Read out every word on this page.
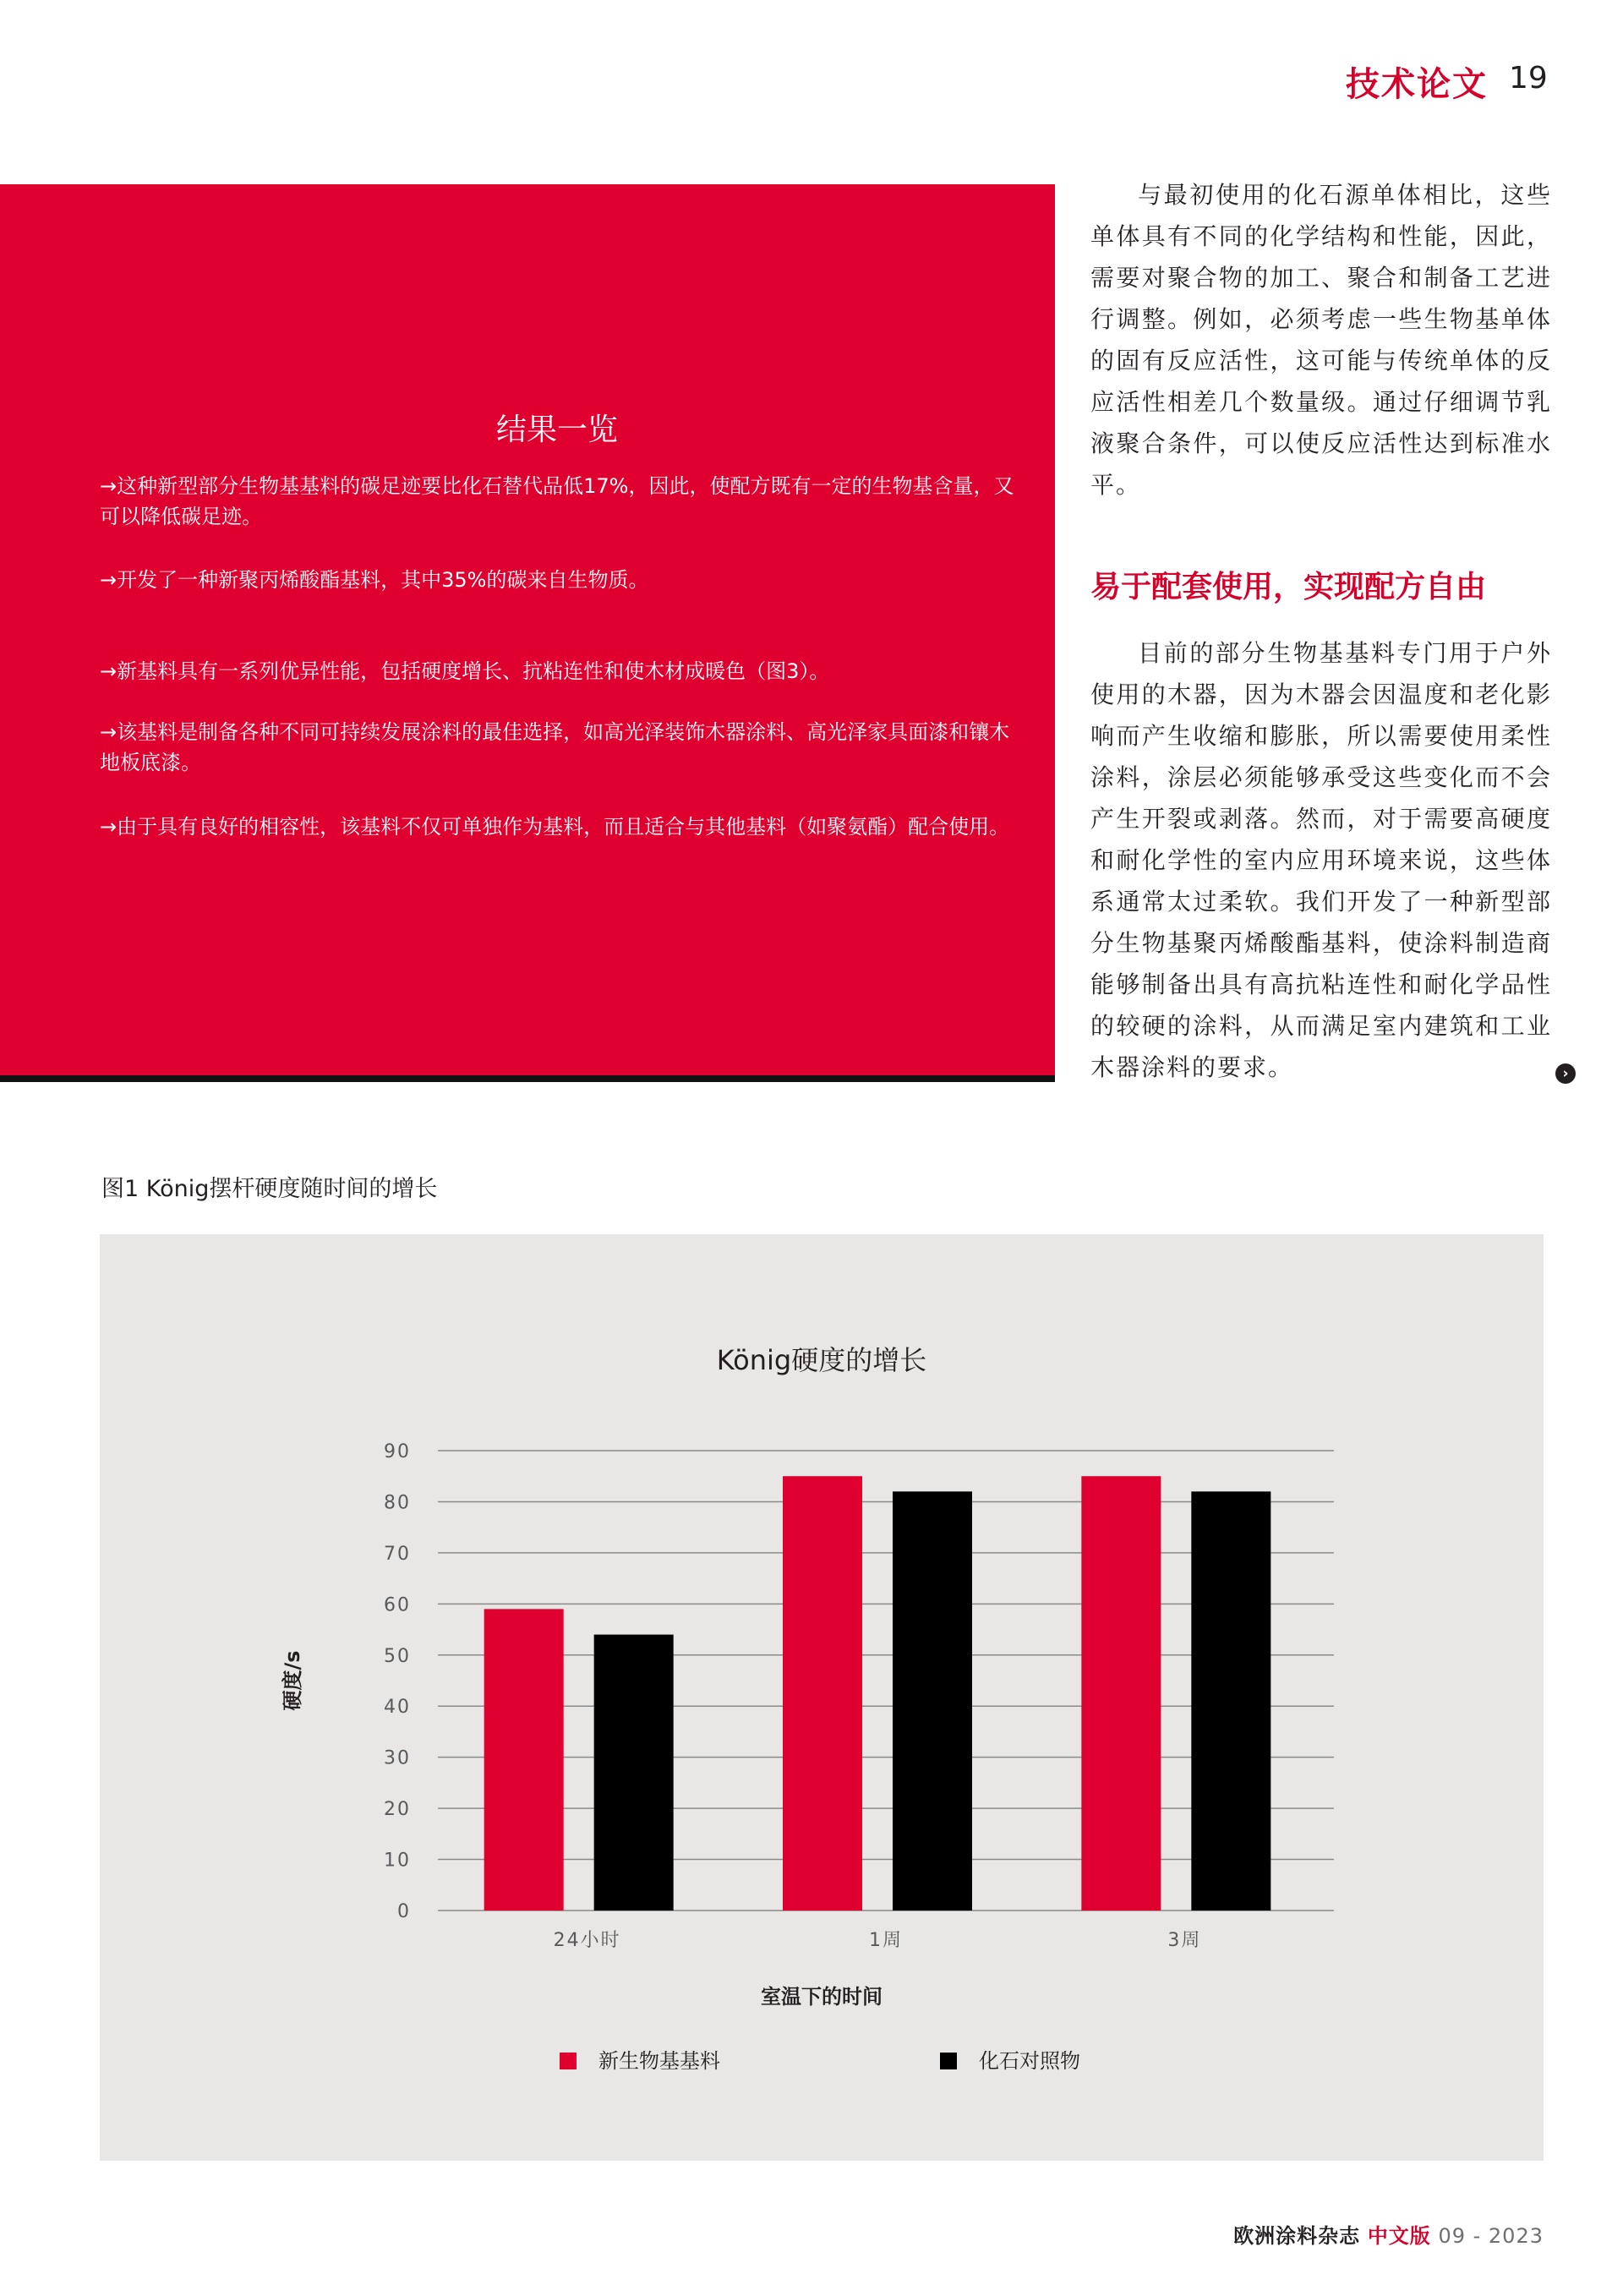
技术论文 19
结果一览
→这种新型部分生物基基料的碳足迹要比化石替代品低17%，因此，使配方既有一定的生物基含量，又可以降低碳足迹。
→开发了一种新聚丙烯酸酯基料，其中35%的碳来自生物质。
→新基料具有一系列优异性能，包括硬度增长、抗粘连性和使木材成暖色（图3）。
→该基料是制备各种不同可持续发展涂料的最佳选择，如高光泽装饰木器涂料、高光泽家具面漆和镶木地板底漆。
→由于具有良好的相容性，该基料不仅可单独作为基料，而且适合与其他基料（如聚氨酯）配合使用。

与最初使用的化石源单体相比，这些单体具有不同的化学结构和性能，因此，需要对聚合物的加工、聚合和制备工艺进行调整。例如，必须考虑一些生物基单体的固有反应活性，这可能与传统单体的反应活性相差几个数量级。通过仔细调节乳液聚合条件，可以使反应活性达到标准水平。

易于配套使用，实现配方自由

目前的部分生物基基料专门用于户外使用的木器，因为木器会因温度和老化影响而产生收缩和膨胀，所以需要使用柔性涂料，涂层必须能够承受这些变化而不会产生开裂或剥落。然而，对于需要高硬度和耐化学性的室内应用环境来说，这些体系通常太过柔软。我们开发了一种新型部分生物基聚丙烯酸酯基料，使涂料制造商能够制备出具有高抗粘连性和耐化学品性的较硬的涂料，从而满足室内建筑和工业木器涂料的要求。	›
图1 König摆杆硬度随时间的增长
König硬度的增长
0
10
20
30
40
50
60
70
80
90
24小时	1周	3周
室温下的时间
硬度/s
新生物基基料	化石对照物
欧洲涂料杂志 中文版 09 - 2023
